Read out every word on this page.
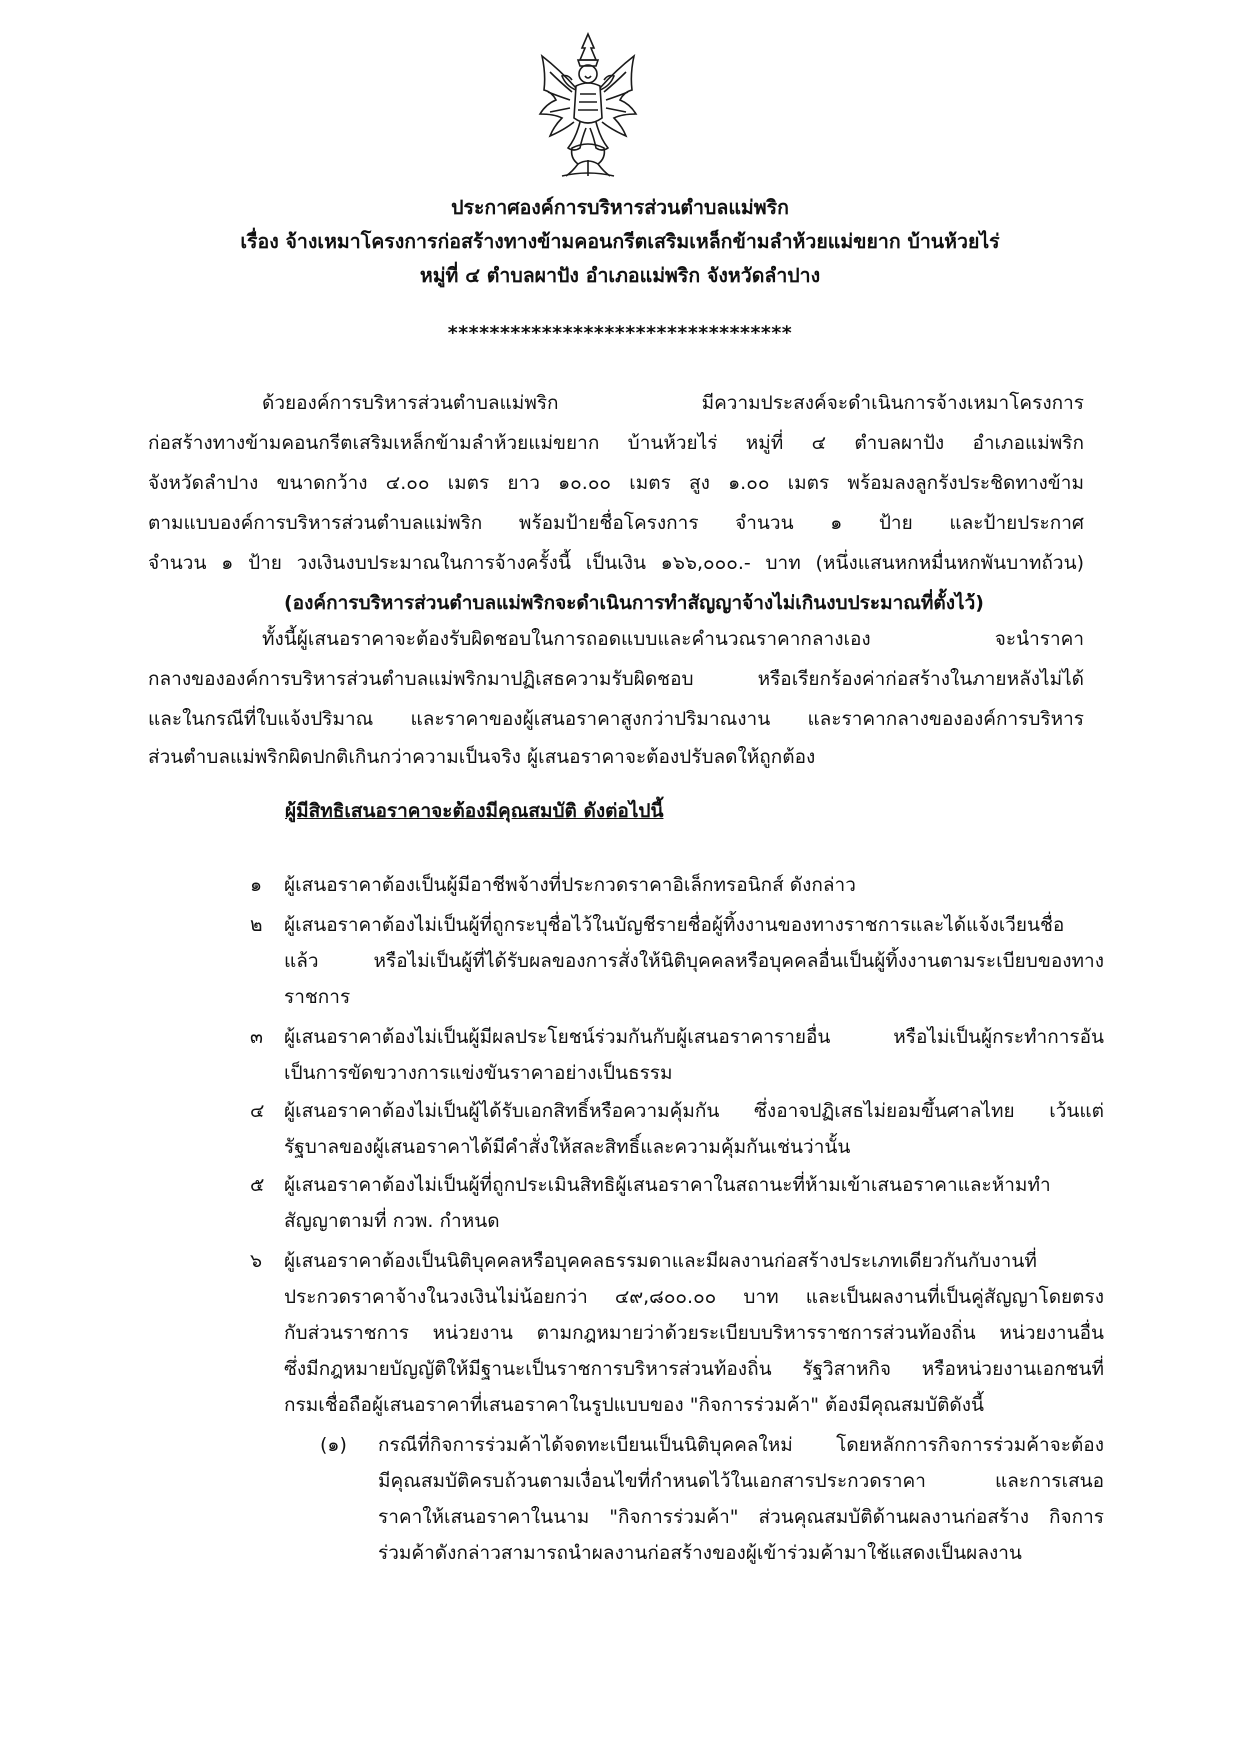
ประกาศองค์การบริหารส่วนตำบลแม่พริก
เรื่อง จ้างเหมาโครงการก่อสร้างทางข้ามคอนกรีตเสริมเหล็กข้ามลำห้วยแม่ขยาก บ้านห้วยไร่
หมู่ที่ ๔ ตำบลผาปัง อำเภอแม่พริก จังหวัดลำปาง
*********************************
ด้วยองค์การบริหารส่วนตำบลแม่พริก มีความประสงค์จะดำเนินการจ้างเหมาโครงการ
ก่อสร้างทางข้ามคอนกรีตเสริมเหล็กข้ามลำห้วยแม่ขยาก บ้านห้วยไร่ หมู่ที่ ๔ ตำบลผาปัง อำเภอแม่พริก
จังหวัดลำปาง ขนาดกว้าง ๔.๐๐ เมตร ยาว ๑๐.๐๐ เมตร สูง ๑.๐๐ เมตร พร้อมลงลูกรังประชิดทางข้าม
ตามแบบองค์การบริหารส่วนตำบลแม่พริก พร้อมป้ายชื่อโครงการ จำนวน ๑ ป้าย และป้ายประกาศ
จำนวน ๑ ป้าย วงเงินงบประมาณในการจ้างครั้งนี้ เป็นเงิน ๑๖๖,๐๐๐.- บาท (หนึ่งแสนหกหมื่นหกพันบาทถ้วน)
(องค์การบริหารส่วนตำบลแม่พริกจะดำเนินการทำสัญญาจ้างไม่เกินงบประมาณที่ตั้งไว้)
ทั้งนี้ผู้เสนอราคาจะต้องรับผิดชอบในการถอดแบบและคำนวณราคากลางเอง จะนำราคา
กลางขององค์การบริหารส่วนตำบลแม่พริกมาปฏิเสธความรับผิดชอบ หรือเรียกร้องค่าก่อสร้างในภายหลังไม่ได้
และในกรณีที่ใบแจ้งปริมาณ และราคาของผู้เสนอราคาสูงกว่าปริมาณงาน และราคากลางขององค์การบริหาร
ส่วนตำบลแม่พริกผิดปกติเกินกว่าความเป็นจริง ผู้เสนอราคาจะต้องปรับลดให้ถูกต้อง
ผู้มีสิทธิเสนอราคาจะต้องมีคุณสมบัติ ดังต่อไปนี้
๑ ผู้เสนอราคาต้องเป็นผู้มีอาชีพจ้างที่ประกวดราคาอิเล็กทรอนิกส์ ดังกล่าว
๒ ผู้เสนอราคาต้องไม่เป็นผู้ที่ถูกระบุชื่อไว้ในบัญชีรายชื่อผู้ทิ้งงานของทางราชการและได้แจ้งเวียนชื่อ
แล้ว หรือไม่เป็นผู้ที่ได้รับผลของการสั่งให้นิติบุคคลหรือบุคคลอื่นเป็นผู้ทิ้งงานตามระเบียบของทาง
ราชการ
๓ ผู้เสนอราคาต้องไม่เป็นผู้มีผลประโยชน์ร่วมกันกับผู้เสนอราคารายอื่น หรือไม่เป็นผู้กระทำการอัน
เป็นการขัดขวางการแข่งขันราคาอย่างเป็นธรรม
๔ ผู้เสนอราคาต้องไม่เป็นผู้ได้รับเอกสิทธิ์หรือความคุ้มกัน ซึ่งอาจปฏิเสธไม่ยอมขึ้นศาลไทย เว้นแต่
รัฐบาลของผู้เสนอราคาได้มีคำสั่งให้สละสิทธิ์และความคุ้มกันเช่นว่านั้น
๕ ผู้เสนอราคาต้องไม่เป็นผู้ที่ถูกประเมินสิทธิผู้เสนอราคาในสถานะที่ห้ามเข้าเสนอราคาและห้ามทำ
สัญญาตามที่ กวพ. กำหนด
๖ ผู้เสนอราคาต้องเป็นนิติบุคคลหรือบุคคลธรรมดาและมีผลงานก่อสร้างประเภทเดียวกันกับงานที่
ประกวดราคาจ้างในวงเงินไม่น้อยกว่า ๔๙,๘๐๐.๐๐ บาท และเป็นผลงานที่เป็นคู่สัญญาโดยตรง
กับส่วนราชการ หน่วยงาน ตามกฎหมายว่าด้วยระเบียบบริหารราชการส่วนท้องถิ่น หน่วยงานอื่น
ซึ่งมีกฎหมายบัญญัติให้มีฐานะเป็นราชการบริหารส่วนท้องถิ่น รัฐวิสาหกิจ หรือหน่วยงานเอกชนที่
กรมเชื่อถือผู้เสนอราคาที่เสนอราคาในรูปแบบของ "กิจการร่วมค้า" ต้องมีคุณสมบัติดังนี้
(๑) กรณีที่กิจการร่วมค้าได้จดทะเบียนเป็นนิติบุคคลใหม่ โดยหลักการกิจการร่วมค้าจะต้อง
มีคุณสมบัติครบถ้วนตามเงื่อนไขที่กำหนดไว้ในเอกสารประกวดราคา และการเสนอ
ราคาให้เสนอราคาในนาม "กิจการร่วมค้า" ส่วนคุณสมบัติด้านผลงานก่อสร้าง กิจการ
ร่วมค้าดังกล่าวสามารถนำผลงานก่อสร้างของผู้เข้าร่วมค้ามาใช้แสดงเป็นผลงาน
